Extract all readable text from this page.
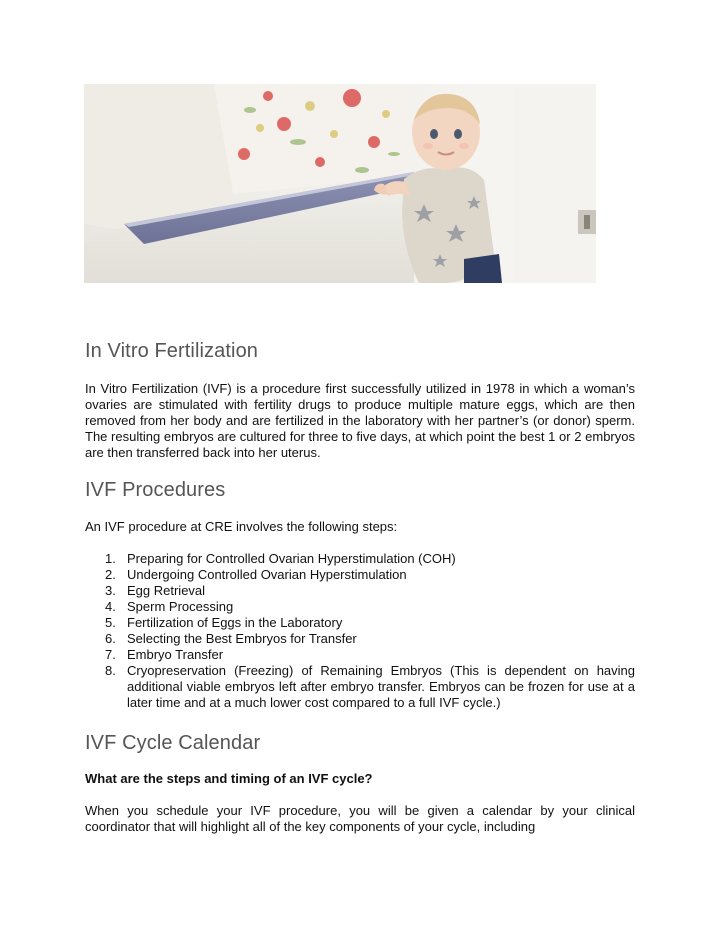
In Vitro Fertilization

In Vitro Fertilization (IVF) is a procedure first successfully utilized in 1978 in which a woman’s ovaries are stimulated with fertility drugs to produce multiple mature eggs, which are then removed from her body and are fertilized in the laboratory with her partner’s (or donor) sperm. The resulting embryos are cultured for three to five days, at which point the best 1 or 2 embryos are then transferred back into her uterus.

IVF Procedures

An IVF procedure at CRE involves the following steps:

1. Preparing for Controlled Ovarian Hyperstimulation (COH)
2. Undergoing Controlled Ovarian Hyperstimulation
3. Egg Retrieval
4. Sperm Processing
5. Fertilization of Eggs in the Laboratory
6. Selecting the Best Embryos for Transfer
7. Embryo Transfer
8. Cryopreservation (Freezing) of Remaining Embryos (This is dependent on having additional viable embryos left after embryo transfer. Embryos can be frozen for use at a later time and at a much lower cost compared to a full IVF cycle.)
IVF Cycle Calendar

What are the steps and timing of an IVF cycle?

When you schedule your IVF procedure, you will be given a calendar by your clinical coordinator that will highlight all of the key components of your cycle, including
